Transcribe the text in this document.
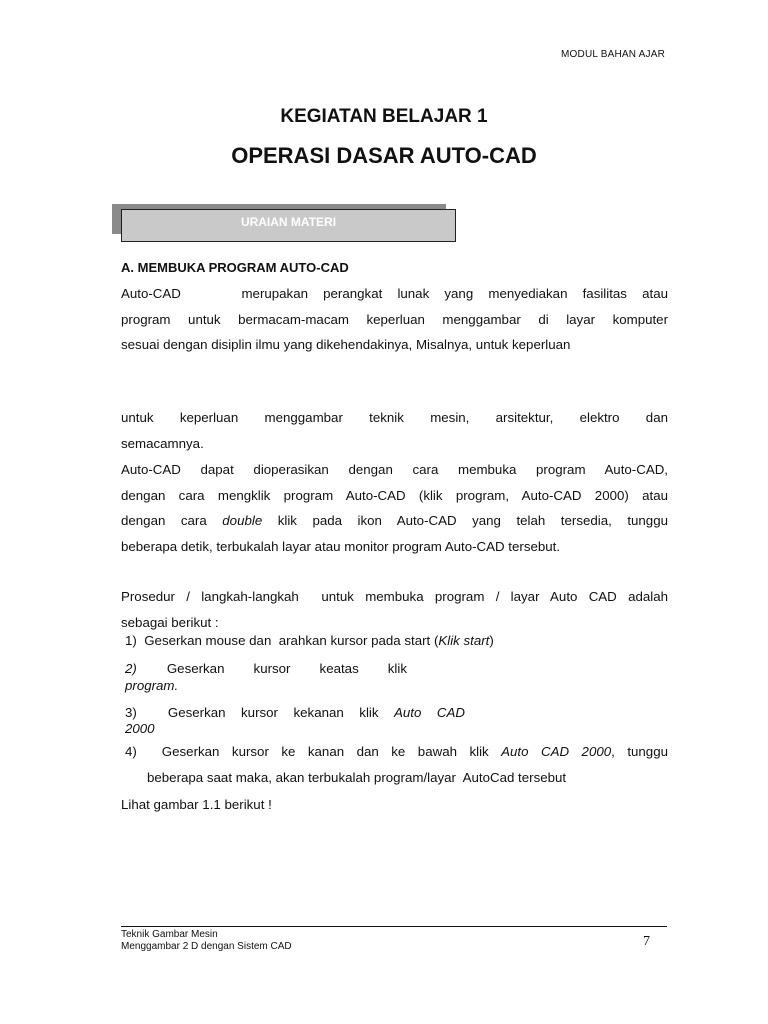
MODUL BAHAN AJAR
KEGIATAN BELAJAR 1
OPERASI DASAR AUTO-CAD
URAIAN MATERI
A. MEMBUKA PROGRAM AUTO-CAD
Auto-CAD    merupakan perangkat lunak yang menyediakan fasilitas atau
program untuk bermacam-macam keperluan menggambar di layar komputer
sesuai dengan disiplin ilmu yang dikehendakinya, Misalnya, untuk keperluan
untuk keperluan menggambar teknik mesin, arsitektur, elektro dan
semacamnya.
Auto-CAD dapat dioperasikan dengan cara membuka program Auto-CAD,
dengan cara mengklik program Auto-CAD (klik program, Auto-CAD 2000) atau
dengan cara double klik pada ikon Auto-CAD yang telah tersedia, tunggu
beberapa detik, terbukalah layar atau monitor program Auto-CAD tersebut.
Prosedur / langkah-langkah  untuk membuka program / layar Auto CAD adalah
sebagai berikut :
1)  Geserkan mouse dan  arahkan kursor pada start (Klik start)
2) Geserkan    kursor    keatas    klik
program.
3)    Geserkan  kursor  kekanan  klik  Auto  CAD
2000
4)  Geserkan kursor ke kanan dan ke bawah klik Auto CAD 2000, tunggu
beberapa saat maka, akan terbukalah program/layar  AutoCad tersebut
Lihat gambar 1.1 berikut !
Teknik Gambar Mesin
Menggambar 2 D dengan Sistem CAD	7
